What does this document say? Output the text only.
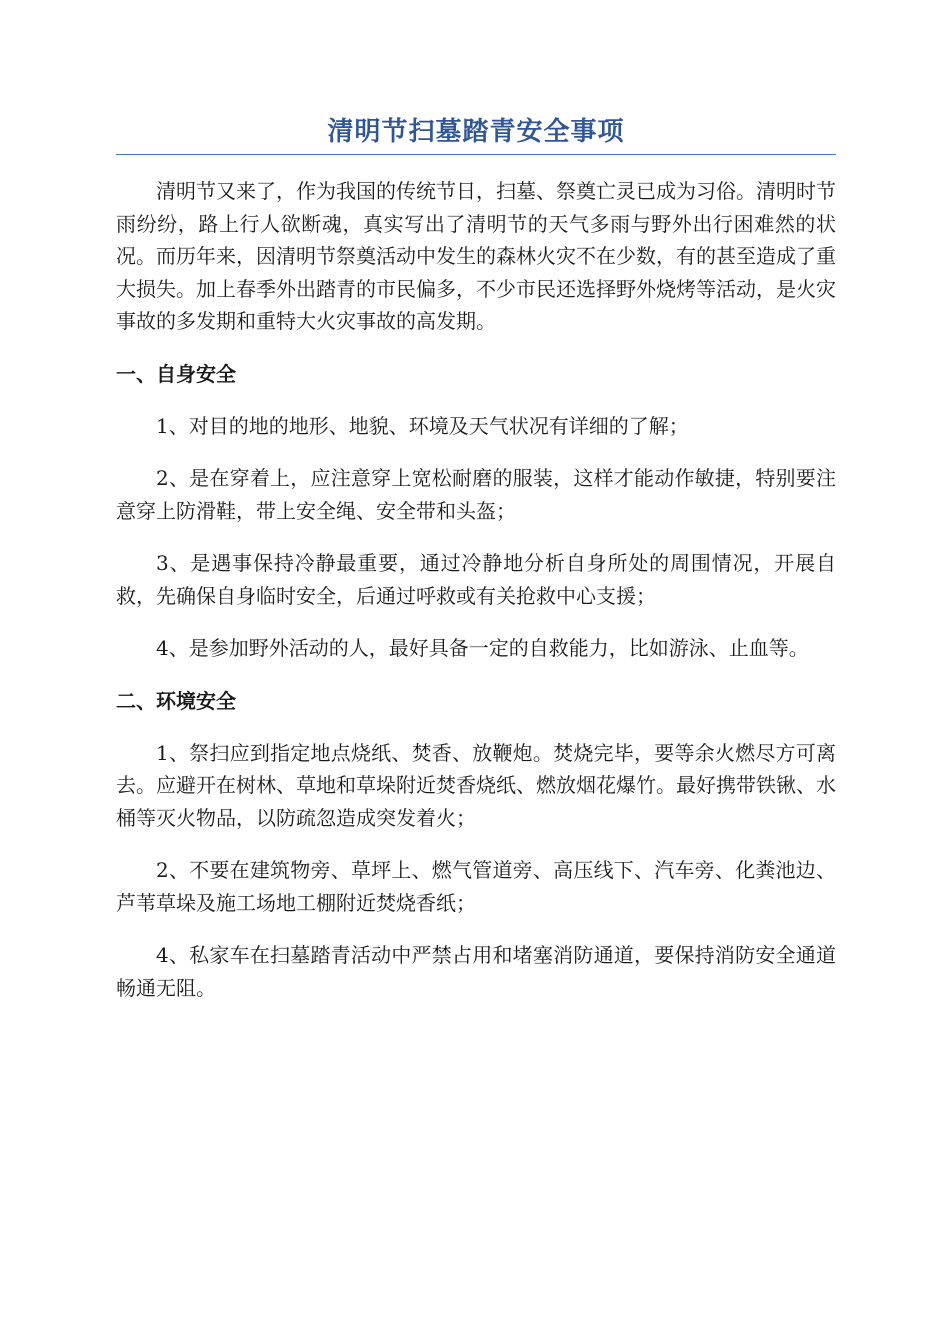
清明节扫墓踏青安全事项

清明节又来了，作为我国的传统节日，扫墓、祭奠亡灵已成为习俗。清明时节雨纷纷，路上行人欲断魂，真实写出了清明节的天气多雨与野外出行困难然的状况。而历年来，因清明节祭奠活动中发生的森林火灾不在少数，有的甚至造成了重大损失。加上春季外出踏青的市民偏多，不少市民还选择野外烧烤等活动，是火灾事故的多发期和重特大火灾事故的高发期。

一、自身安全

1、对目的地的地形、地貌、环境及天气状况有详细的了解；

2、是在穿着上，应注意穿上宽松耐磨的服装，这样才能动作敏捷，特别要注意穿上防滑鞋，带上安全绳、安全带和头盔；

3、是遇事保持冷静最重要，通过冷静地分析自身所处的周围情况，开展自救，先确保自身临时安全，后通过呼救或有关抢救中心支援；

4、是参加野外活动的人，最好具备一定的自救能力，比如游泳、止血等。

二、环境安全

1、祭扫应到指定地点烧纸、焚香、放鞭炮。焚烧完毕，要等余火燃尽方可离去。应避开在树林、草地和草垛附近焚香烧纸、燃放烟花爆竹。最好携带铁锹、水桶等灭火物品，以防疏忽造成突发着火；

2、不要在建筑物旁、草坪上、燃气管道旁、高压线下、汽车旁、化粪池边、芦苇草垛及施工场地工棚附近焚烧香纸；

4、私家车在扫墓踏青活动中严禁占用和堵塞消防通道，要保持消防安全通道畅通无阻。
